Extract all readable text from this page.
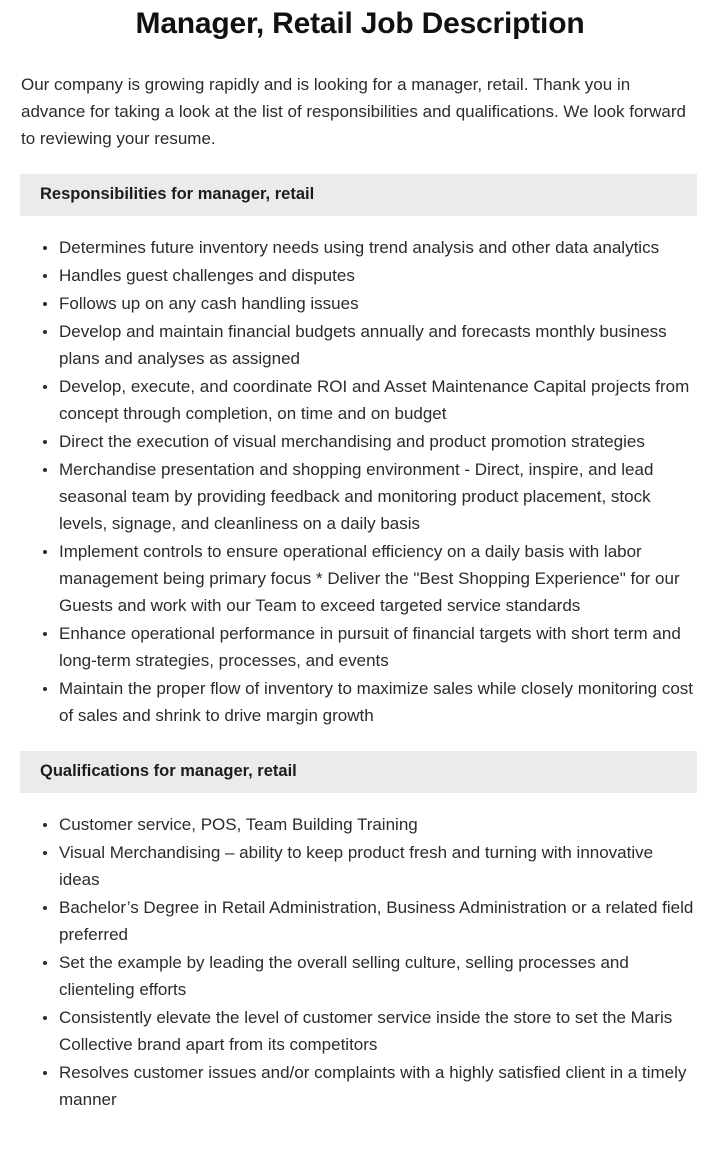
Manager, Retail Job Description

Our company is growing rapidly and is looking for a manager, retail. Thank you in advance for taking a look at the list of responsibilities and qualifications. We look forward to reviewing your resume.

Responsibilities for manager, retail
Determines future inventory needs using trend analysis and other data analytics
Handles guest challenges and disputes
Follows up on any cash handling issues
Develop and maintain financial budgets annually and forecasts monthly business plans and analyses as assigned
Develop, execute, and coordinate ROI and Asset Maintenance Capital projects from concept through completion, on time and on budget
Direct the execution of visual merchandising and product promotion strategies
Merchandise presentation and shopping environment - Direct, inspire, and lead seasonal team by providing feedback and monitoring product placement, stock levels, signage, and cleanliness on a daily basis
Implement controls to ensure operational efficiency on a daily basis with labor management being primary focus * Deliver the "Best Shopping Experience" for our Guests and work with our Team to exceed targeted service standards
Enhance operational performance in pursuit of financial targets with short term and long-term strategies, processes, and events
Maintain the proper flow of inventory to maximize sales while closely monitoring cost of sales and shrink to drive margin growth
Qualifications for manager, retail
Customer service, POS, Team Building Training
Visual Merchandising – ability to keep product fresh and turning with innovative ideas
Bachelor’s Degree in Retail Administration, Business Administration or a related field preferred
Set the example by leading the overall selling culture, selling processes and clienteling efforts
Consistently elevate the level of customer service inside the store to set the Maris Collective brand apart from its competitors
Resolves customer issues and/or complaints with a highly satisfied client in a timely manner
